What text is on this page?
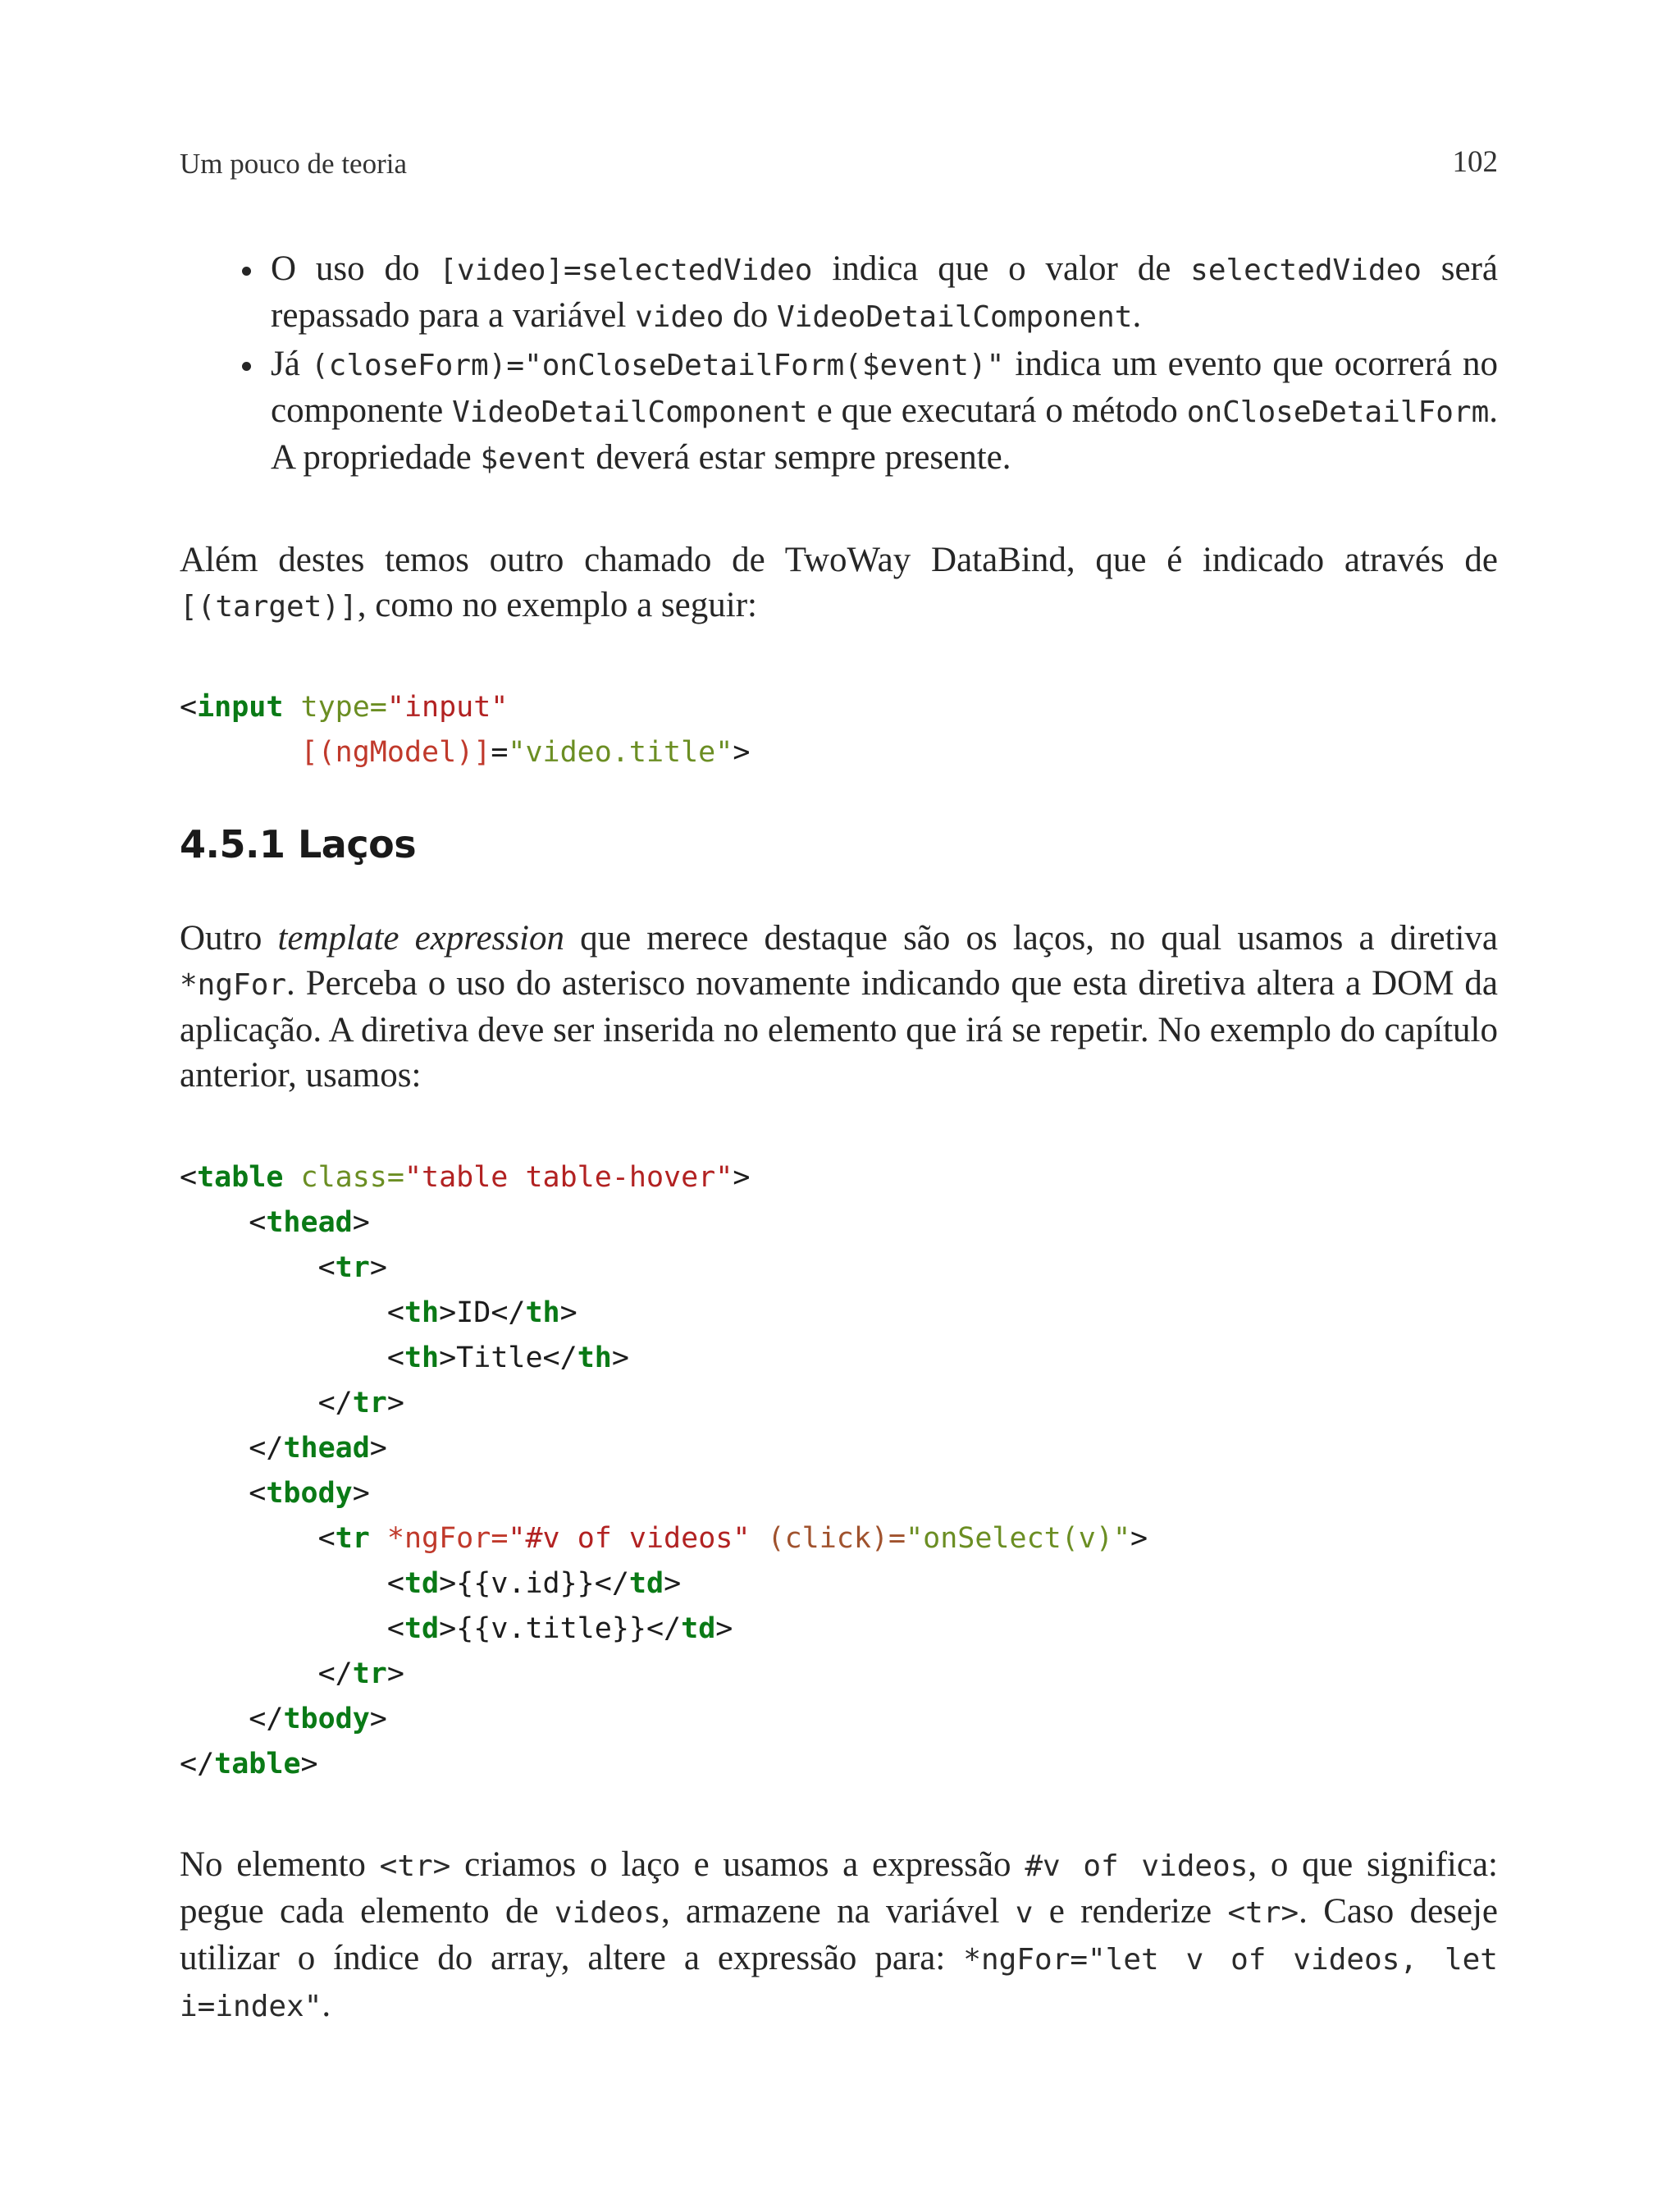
Um pouco de teoria	102
O uso do [video]=selectedVideo indica que o valor de selectedVideo será repassado para a variável video do VideoDetailComponent.
Já (closeForm)="onCloseDetailForm($event)" indica um evento que ocorrerá no componente VideoDetailComponent e que executará o método onCloseDetailForm. A propriedade $event deverá estar sempre presente.

Além destes temos outro chamado de TwoWay DataBind, que é indicado através de [(target)], como no exemplo a seguir:

<input type="input"
[(ngModel)]="video.title">
4.5.1 Laços

Outro template expression que merece destaque são os laços, no qual usamos a diretiva *ngFor. Perceba o uso do asterisco novamente indicando que esta diretiva altera a DOM da aplicação. A diretiva deve ser inserida no elemento que irá se repetir. No exemplo do capítulo anterior, usamos:

<table class="table table-hover">
<thead>
<tr>
<th>ID</th>
<th>Title</th>
</tr>
</thead>
<tbody>
<tr *ngFor="#v of videos" (click)="onSelect(v)">
<td>{{v.id}}</td>
<td>{{v.title}}</td>
</tr>
</tbody>
</table>

No elemento <tr> criamos o laço e usamos a expressão #v of videos, o que significa: pegue cada elemento de videos, armazene na variável v e renderize <tr>. Caso deseje utilizar o índice do array, altere a expressão para: *ngFor="let v of videos, let i=index".
